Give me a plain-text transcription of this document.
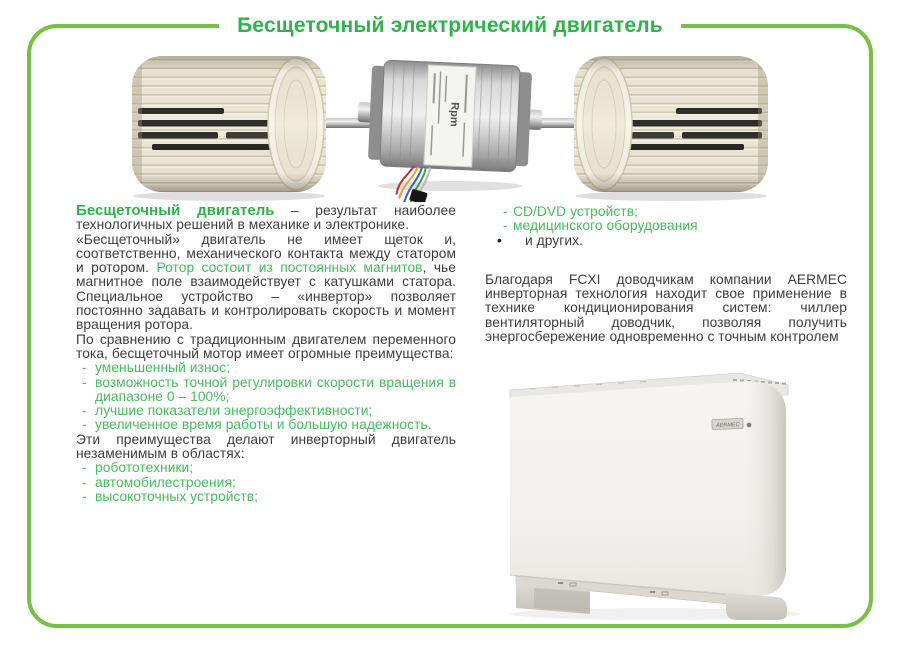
Бесщеточный электрический двигатель
Rpm
Бесщеточный двигатель – результат наиболее технологичных решений в механике и электронике.
«Бесщеточный» двигатель не имеет щеток и, соответственно, механического контакта между статором и ротором. Ротор состоит из постоянных магнитов, чье магнитное поле взаимодействует с катушками статора. Специальное устройство – «инвертор» позволяет постоянно задавать и контролировать скорость и момент вращения ротора.
По сравнению с традиционным двигателем переменного тока, бесщеточный мотор имеет огромные преимущества:
- уменьшенный износ;
- возможность точной регулировки скорости вращения в диапазоне 0 – 100%;
- лучшие показатели энергоэффективности;
- увеличенное время работы и большую надежность.
Эти преимущества делают инверторный двигатель незаменимым в областях:
- робототехники;
- автомобилестроения;
- высокоточных устройств;
- CD/DVD устройств;
- медицинского оборудования
•	и других.
Благодаря FCXI доводчикам компании AERMEC инверторная технология находит свое применение в технике кондиционирования систем: чиллер вентиляторный доводчик, позволяя получить энергосбережение одновременно с точным контролем
AERMEC
